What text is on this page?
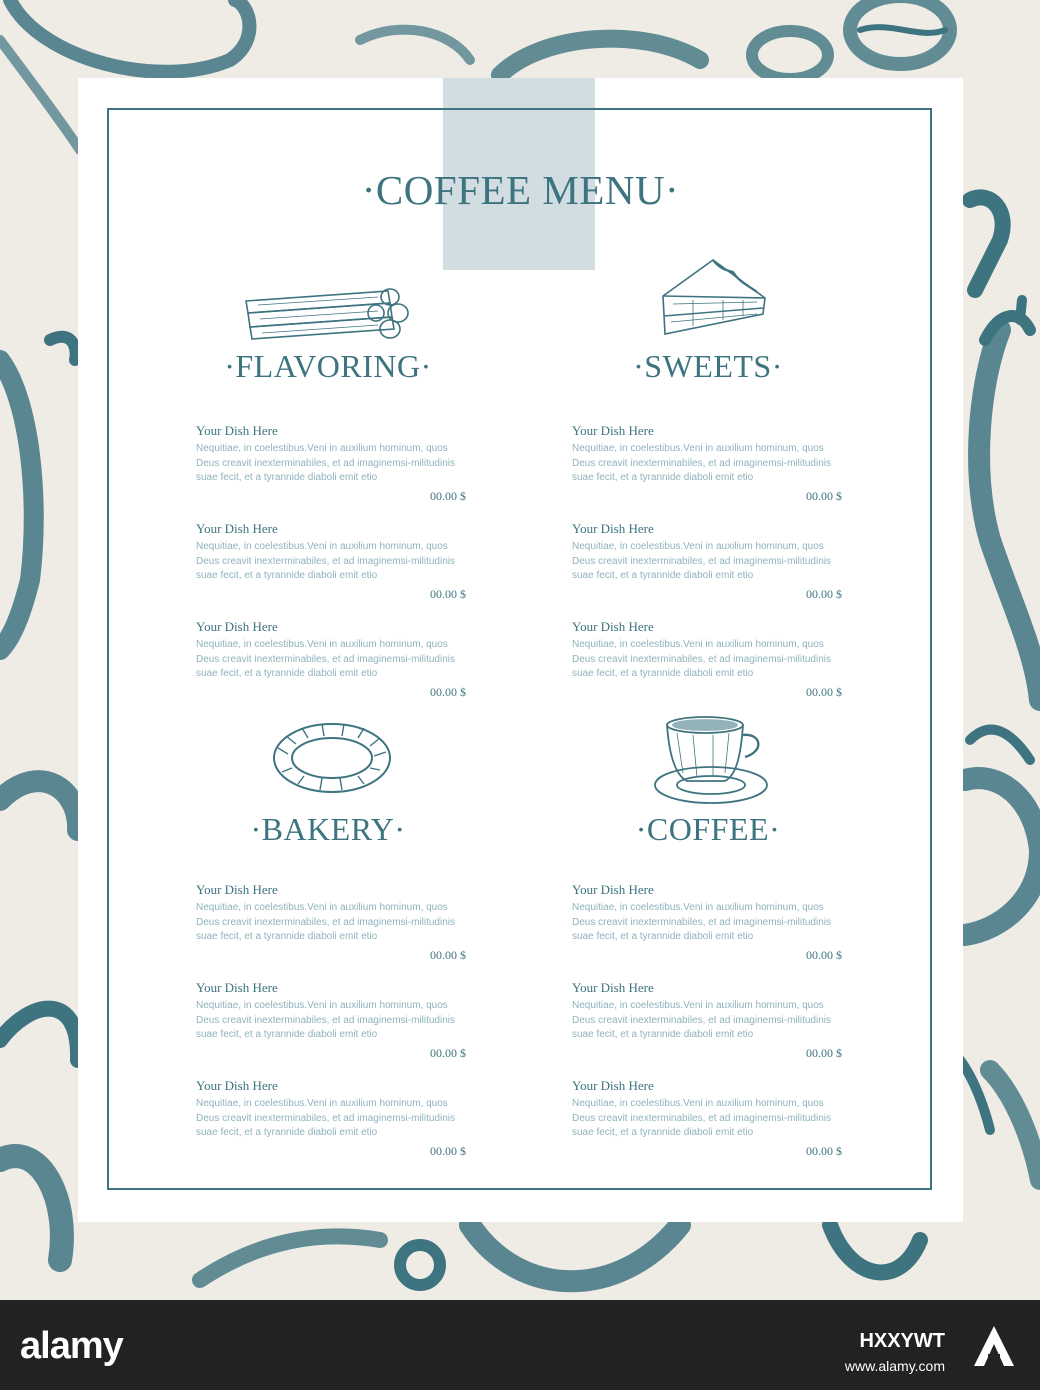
·COFFEE MENU·
·FLAVORING·	·SWEETS·
·BAKERY·	·COFFEE·
Your Dish Here

Nequitiae, in coelestibus.Veni in auxilium hominum, quos Deus creavit inexterminabiles, et ad imaginemsi-militudinis suae fecit, et a tyrannide diaboli emit etio

00.00 $
Your Dish Here

Nequitiae, in coelestibus.Veni in auxilium hominum, quos Deus creavit inexterminabiles, et ad imaginemsi-militudinis suae fecit, et a tyrannide diaboli emit etio

00.00 $
Your Dish Here

Nequitiae, in coelestibus.Veni in auxilium hominum, quos Deus creavit inexterminabiles, et ad imaginemsi-militudinis suae fecit, et a tyrannide diaboli emit etio

00.00 $
Your Dish Here

Nequitiae, in coelestibus.Veni in auxilium hominum, quos Deus creavit inexterminabiles, et ad imaginemsi-militudinis suae fecit, et a tyrannide diaboli emit etio

00.00 $
Your Dish Here

Nequitiae, in coelestibus.Veni in auxilium hominum, quos Deus creavit inexterminabiles, et ad imaginemsi-militudinis suae fecit, et a tyrannide diaboli emit etio

00.00 $
Your Dish Here

Nequitiae, in coelestibus.Veni in auxilium hominum, quos Deus creavit inexterminabiles, et ad imaginemsi-militudinis suae fecit, et a tyrannide diaboli emit etio

00.00 $
Your Dish Here

Nequitiae, in coelestibus.Veni in auxilium hominum, quos Deus creavit inexterminabiles, et ad imaginemsi-militudinis suae fecit, et a tyrannide diaboli emit etio

00.00 $
Your Dish Here

Nequitiae, in coelestibus.Veni in auxilium hominum, quos Deus creavit inexterminabiles, et ad imaginemsi-militudinis suae fecit, et a tyrannide diaboli emit etio

00.00 $
Your Dish Here

Nequitiae, in coelestibus.Veni in auxilium hominum, quos Deus creavit inexterminabiles, et ad imaginemsi-militudinis suae fecit, et a tyrannide diaboli emit etio

00.00 $
Your Dish Here

Nequitiae, in coelestibus.Veni in auxilium hominum, quos Deus creavit inexterminabiles, et ad imaginemsi-militudinis suae fecit, et a tyrannide diaboli emit etio

00.00 $
Your Dish Here

Nequitiae, in coelestibus.Veni in auxilium hominum, quos Deus creavit inexterminabiles, et ad imaginemsi-militudinis suae fecit, et a tyrannide diaboli emit etio

00.00 $
Your Dish Here

Nequitiae, in coelestibus.Veni in auxilium hominum, quos Deus creavit inexterminabiles, et ad imaginemsi-militudinis suae fecit, et a tyrannide diaboli emit etio

00.00 $
alamy	HXXYWT
www.alamy.com
